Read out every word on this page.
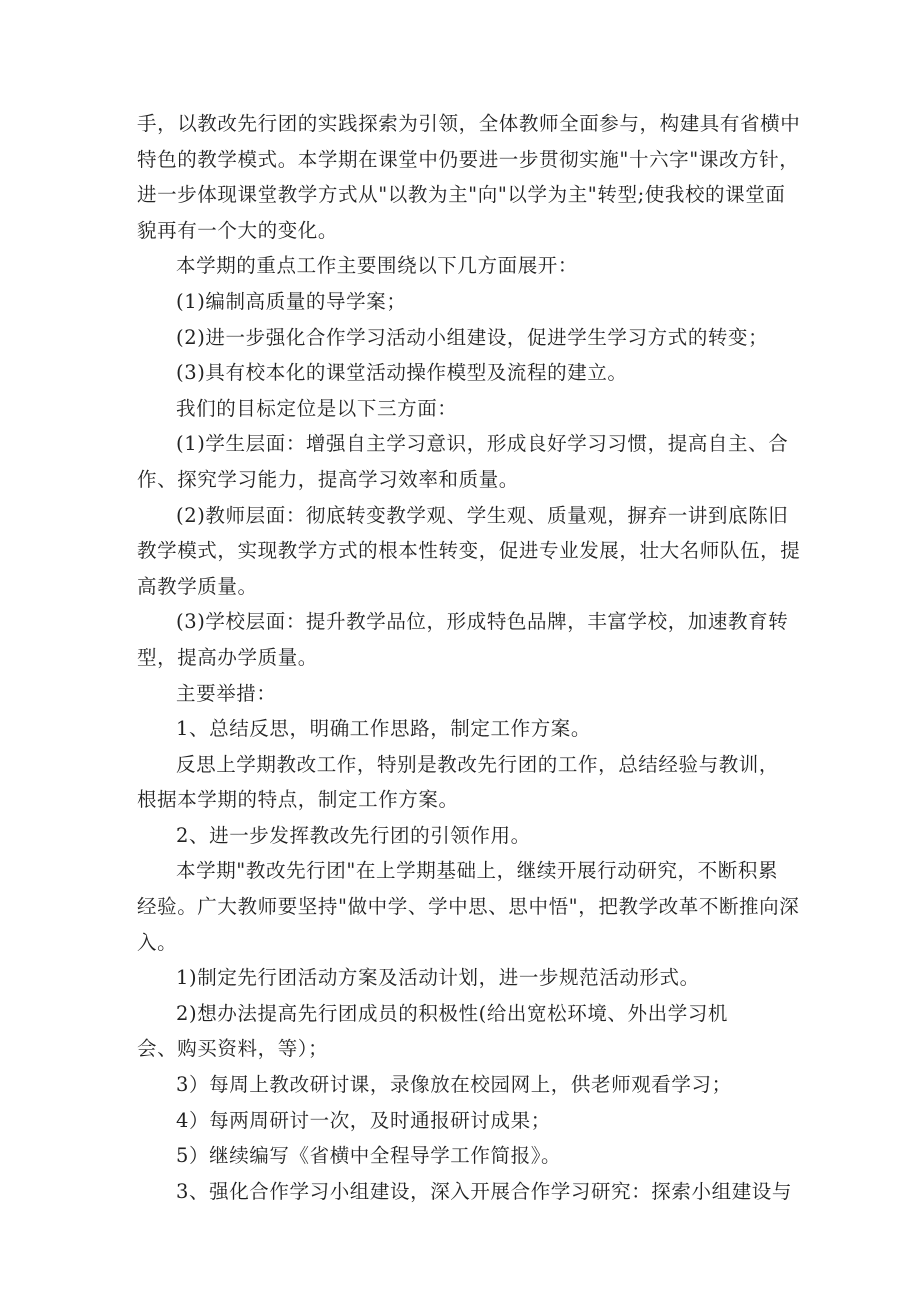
手，以教改先行团的实践探索为引领，全体教师全面参与，构建具有省横中
特色的教学模式。本学期在课堂中仍要进一步贯彻实施"十六字"课改方针，
进一步体现课堂教学方式从"以教为主"向"以学为主"转型;使我校的课堂面
貌再有一个大的变化。

本学期的重点工作主要围绕以下几方面展开：

(1)编制高质量的导学案；

(2)进一步强化合作学习活动小组建设，促进学生学习方式的转变；

(3)具有校本化的课堂活动操作模型及流程的建立。

我们的目标定位是以下三方面：

(1)学生层面：增强自主学习意识，形成良好学习习惯，提高自主、合
作、探究学习能力，提高学习效率和质量。

(2)教师层面：彻底转变教学观、学生观、质量观，摒弃一讲到底陈旧
教学模式，实现教学方式的根本性转变，促进专业发展，壮大名师队伍，提
高教学质量。

(3)学校层面：提升教学品位，形成特色品牌，丰富学校，加速教育转
型，提高办学质量。

主要举措：

1、总结反思，明确工作思路，制定工作方案。

反思上学期教改工作，特别是教改先行团的工作，总结经验与教训，
根据本学期的特点，制定工作方案。

2、进一步发挥教改先行团的引领作用。

本学期"教改先行团"在上学期基础上，继续开展行动研究，不断积累
经验。广大教师要坚持"做中学、学中思、思中悟"，把教学改革不断推向深
入。

1)制定先行团活动方案及活动计划，进一步规范活动形式。

2)想办法提高先行团成员的积极性(给出宽松环境、外出学习机
会、购买资料，等）；

3）每周上教改研讨课，录像放在校园网上，供老师观看学习；

4）每两周研讨一次，及时通报研讨成果；

5）继续编写《省横中全程导学工作简报》。

3、强化合作学习小组建设，深入开展合作学习研究：探索小组建设与
